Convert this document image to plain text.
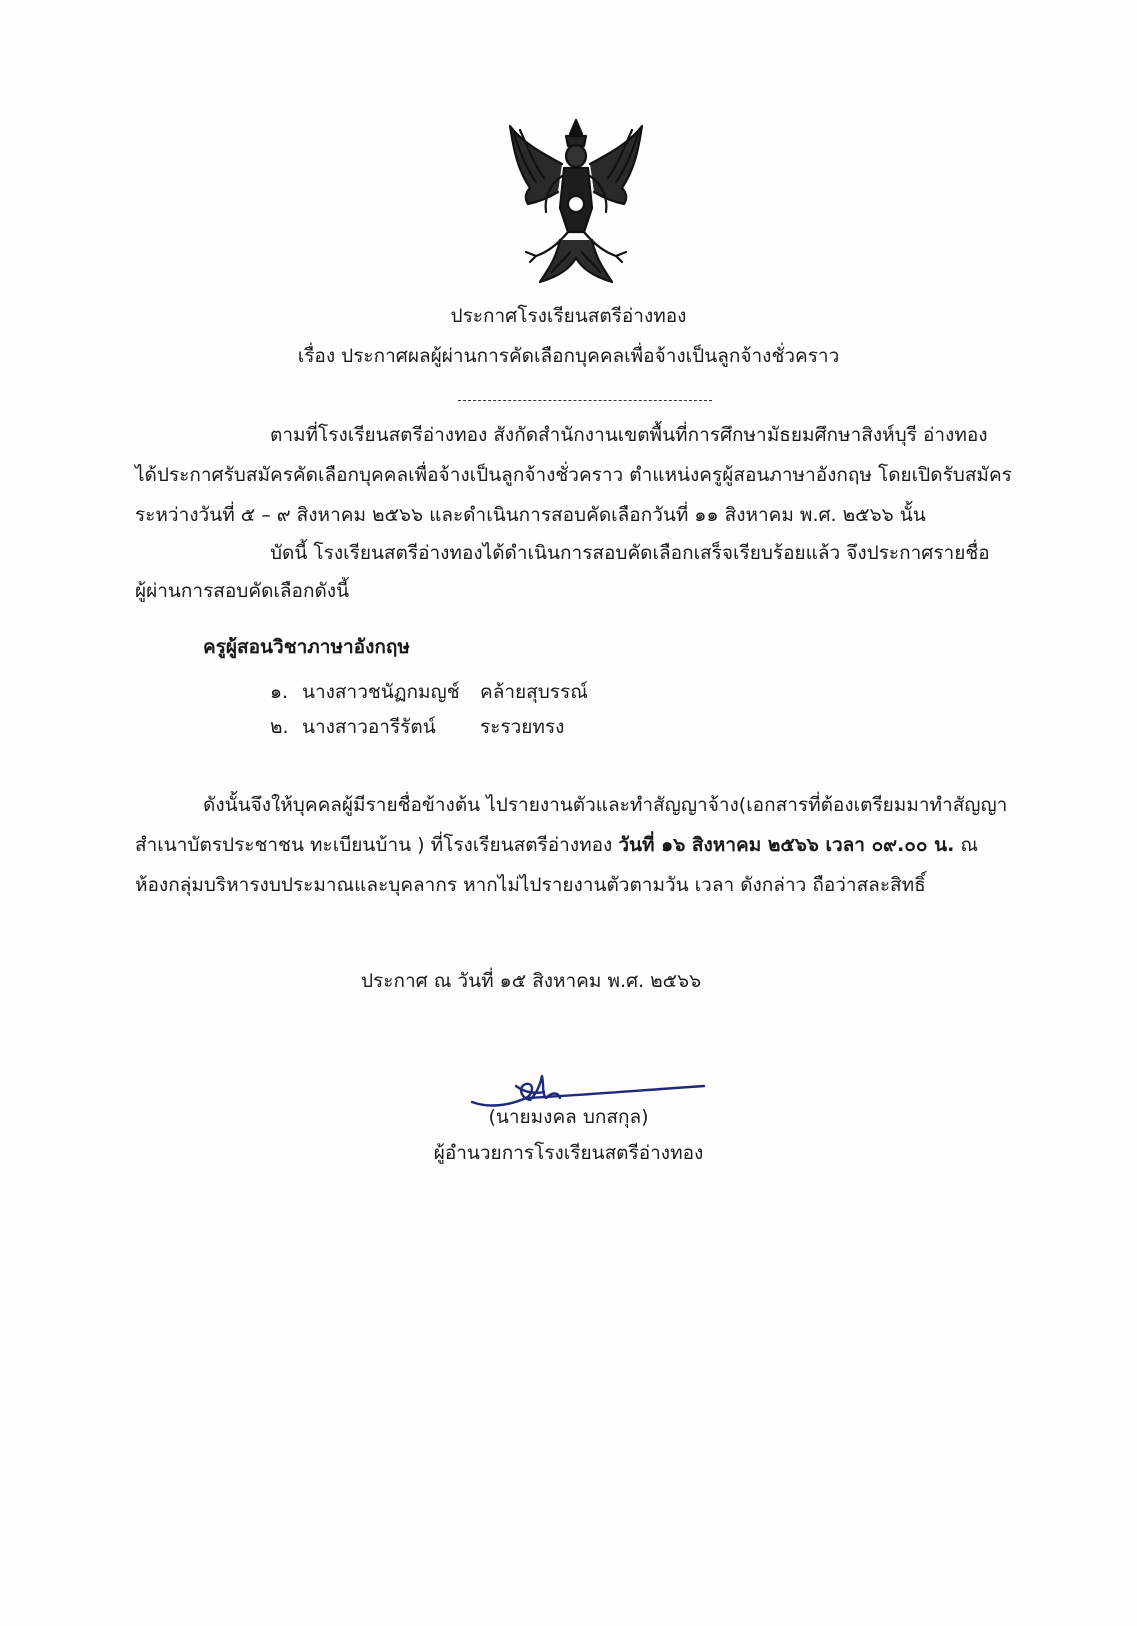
ประกาศโรงเรียนสตรีอ่างทอง
เรื่อง ประกาศผลผู้ผ่านการคัดเลือกบุคคลเพื่อจ้างเป็นลูกจ้างชั่วคราว
ตามที่โรงเรียนสตรีอ่างทอง สังกัดสำนักงานเขตพื้นที่การศึกษามัธยมศึกษาสิงห์บุรี อ่างทอง
ได้ประกาศรับสมัครคัดเลือกบุคคลเพื่อจ้างเป็นลูกจ้างชั่วคราว ตำแหน่งครูผู้สอนภาษาอังกฤษ โดยเปิดรับสมัคร
ระหว่างวันที่ ๕ – ๙ สิงหาคม ๒๕๖๖ และดำเนินการสอบคัดเลือกวันที่ ๑๑ สิงหาคม พ.ศ. ๒๕๖๖ นั้น
บัดนี้ โรงเรียนสตรีอ่างทองได้ดำเนินการสอบคัดเลือกเสร็จเรียบร้อยแล้ว จึงประกาศรายชื่อ
ผู้ผ่านการสอบคัดเลือกดังนี้
ครูผู้สอนวิชาภาษาอังกฤษ
๑. นางสาวชนัฏกมญช์ คล้ายสุบรรณ์
๒. นางสาวอารีรัตน์ ระรวยทรง
ดังนั้นจึงให้บุคคลผู้มีรายชื่อข้างต้น ไปรายงานตัวและทำสัญญาจ้าง(เอกสารที่ต้องเตรียมมาทำสัญญา
สำเนาบัตรประชาชน ทะเบียนบ้าน ) ที่โรงเรียนสตรีอ่างทอง วันที่ ๑๖ สิงหาคม ๒๕๖๖ เวลา ๐๙.๐๐ น. ณ
ห้องกลุ่มบริหารงบประมาณและบุคลากร หากไม่ไปรายงานตัวตามวัน เวลา ดังกล่าว ถือว่าสละสิทธิ์
ประกาศ ณ วันที่ ๑๕ สิงหาคม พ.ศ. ๒๕๖๖
(นายมงคล บกสกุล)
ผู้อำนวยการโรงเรียนสตรีอ่างทอง
